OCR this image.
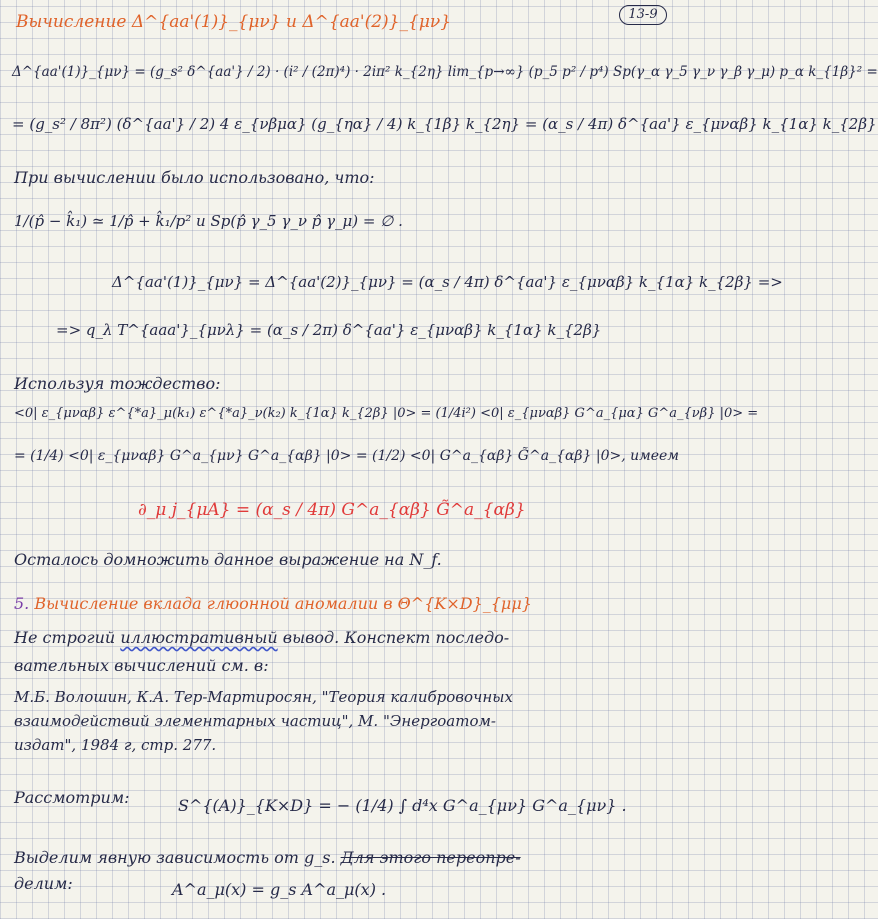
13-9
Вычисление Δ^{aa'(1)}_{μν} и Δ^{aa'(2)}_{μν}
Δ^{aa'(1)}_{μν} = (g_s² δ^{aa'} / 2) · (i² / (2π)⁴) · 2iπ² k_{2η} lim_{p→∞} (p_5 p² / p⁴) Sp(γ_α γ_5 γ_ν γ_β γ_μ) p_α k_{1β}² =
= (g_s² / 8π²) (δ^{aa'} / 2) 4 ε_{νβμα} (g_{ηα} / 4) k_{1β} k_{2η} = (α_s / 4π) δ^{aa'} ε_{μναβ} k_{1α} k_{2β}
При вычислении было использовано, что:
1/(p̂ − k̂₁) ≃ 1/p̂ + k̂₁/p² и Sp(p̂ γ_5 γ_ν p̂ γ_μ) = ∅ .
Δ^{aa'(1)}_{μν} = Δ^{aa'(2)}_{μν} = (α_s / 4π) δ^{aa'} ε_{μναβ} k_{1α} k_{2β} =>
=> q_λ T^{aaa'}_{μνλ} = (α_s / 2π) δ^{aa'} ε_{μναβ} k_{1α} k_{2β}
Используя тождество:
<0| ε_{μναβ} ε^{*a}_μ(k₁) ε^{*a}_ν(k₂) k_{1α} k_{2β} |0> = (1/4i²) <0| ε_{μναβ} G^a_{μα} G^a_{νβ} |0> =
= (1/4) <0| ε_{μναβ} G^a_{μν} G^a_{αβ} |0> = (1/2) <0| G^a_{αβ} G̃^a_{αβ} |0>, имеем
∂_μ j_{μA} = (α_s / 4π) G^a_{αβ} G̃^a_{αβ}
Осталось домножить данное выражение на N_f.
5. Вычисление вклада глюонной аномалии в Θ^{K×D}_{μμ}
Не строгий иллюстративный вывод. Конспект последо-
вательных вычислений см. в:
М.Б. Волошин, К.А. Тер-Мартиросян, "Теория калибровочных
взаимодействий элементарных частиц", М. "Энергоатом-
издат", 1984 г, стр. 277.
Рассмотрим:	S^{(A)}_{K×D} = − (1/4) ∫ d⁴x G^a_{μν} G^a_{μν} .
Выделим явную зависимость от g_s. Для этого переопре-
делим:	A^a_μ(x) = g_s A^a_μ(x) .
